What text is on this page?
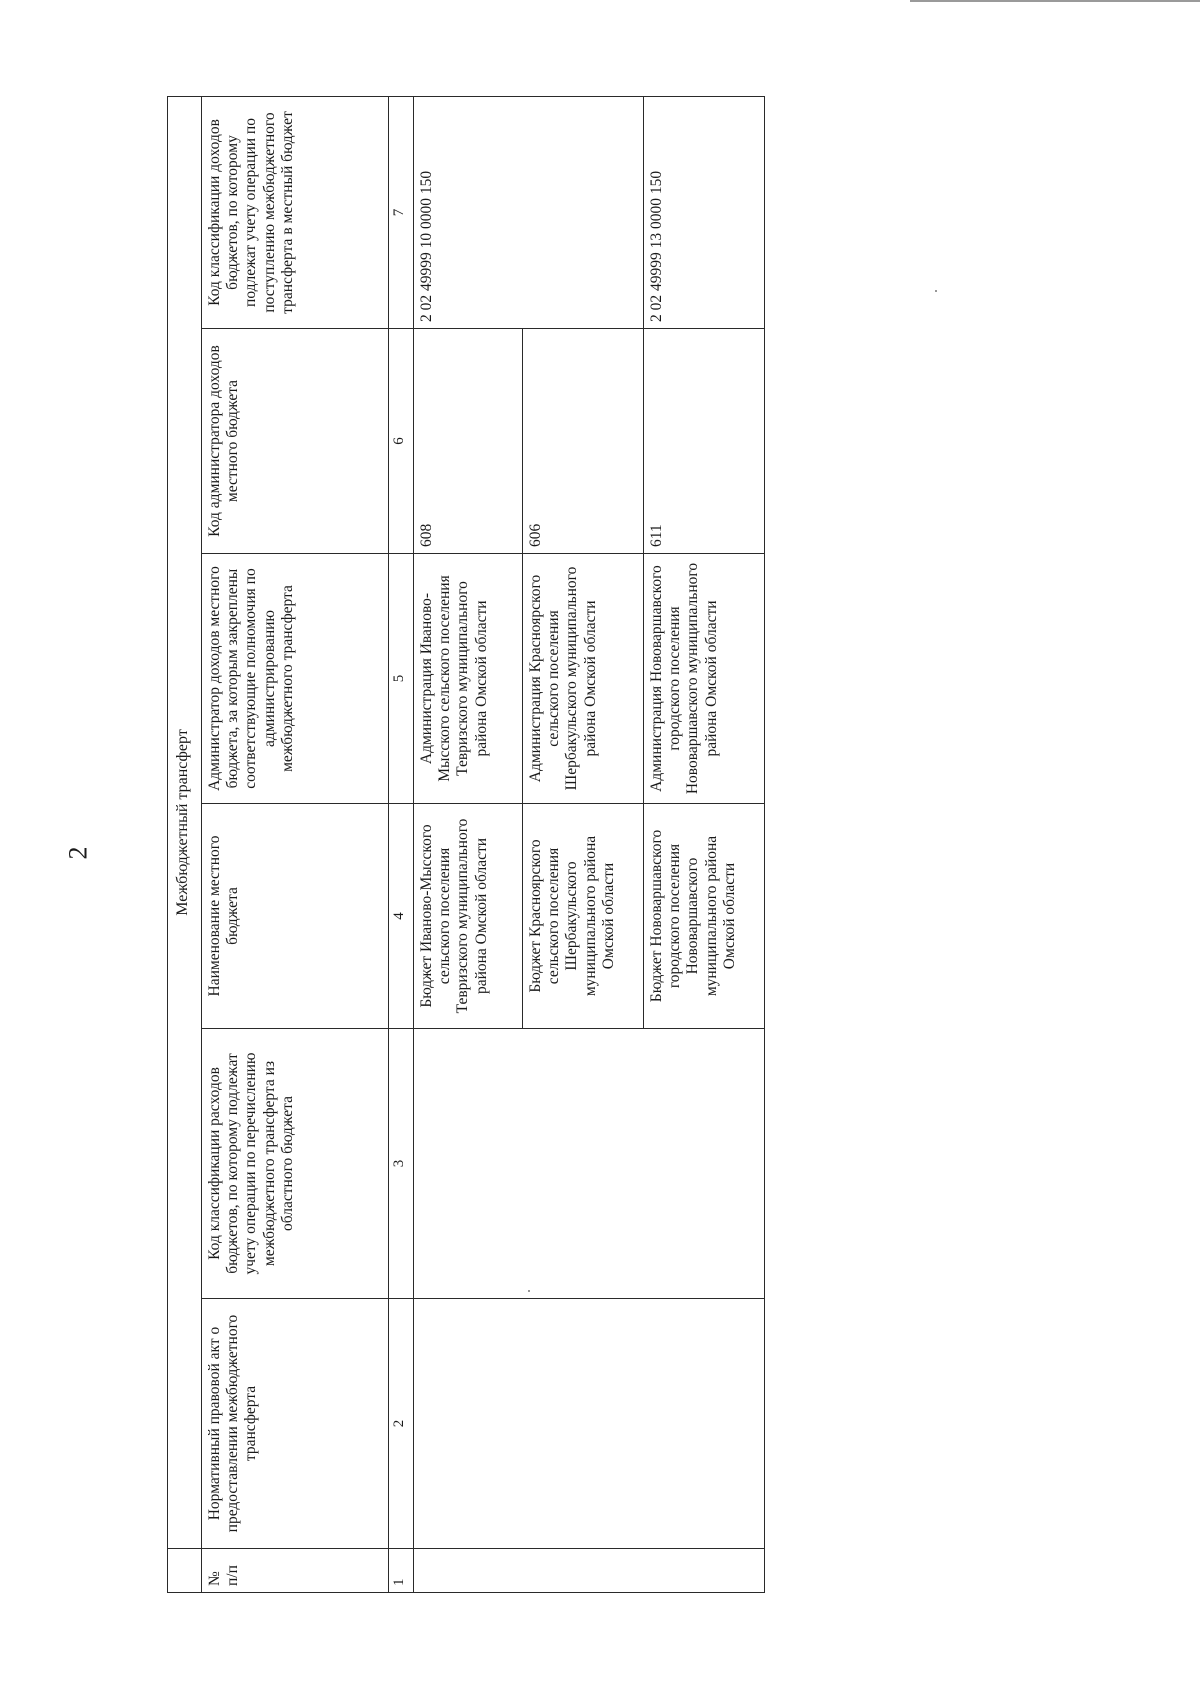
2
		Межбюджетный трансферт					
№ п/п	Нормативный правовой акт о предоставлении межбюджетного трансферта	Код классификации расходов бюджетов, по которому подлежат учету операции по перечислению межбюджетного трансферта из областного бюджета	Наименование местного бюджета	Администратор доходов местного бюджета, за которым закреплены соответствующие полномочия по администрированию межбюджетного трансферта	Код администратора доходов местного бюджета	Код классификации доходов бюджетов, по которому подлежат учету операции по поступлению межбюджетного трансферта в местный бюджет
1	2	3	4	5	6	7
			Бюджет Ивановo-Мысского сельского поселения Тевризского муниципального района Омской области	Администрация Иваново-Мысского сельского поселения Тевризского муниципального района Омской области	608	2 02 49999 10 0000 150
			Бюджет Красноярского сельского поселения Шербакульского муниципального района Омской области	Администрация Красноярского сельского поселения Шербакульского муниципального района Омской области	606	
			Бюджет Нововаршавского городского поселения Нововаршавского муниципального района Омской области	Администрация Нововаршавского городского поселения Нововаршавского муниципального района Омской области	611	2 02 49999 13 0000 150
